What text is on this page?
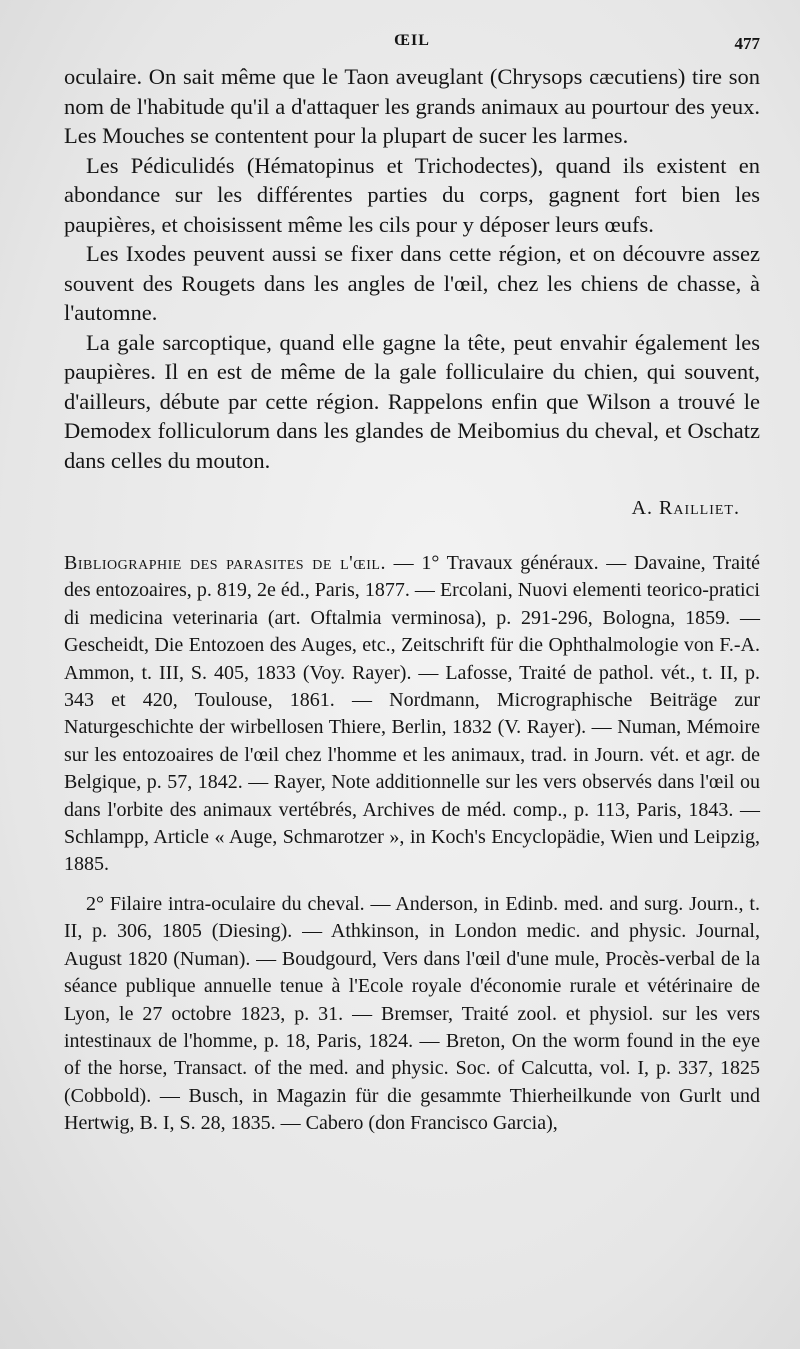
ŒIL	477

oculaire. On sait même que le Taon aveuglant (Chrysops cæcutiens) tire son nom de l'habitude qu'il a d'attaquer les grands animaux au pourtour des yeux. Les Mouches se contentent pour la plupart de sucer les larmes.

Les Pédiculidés (Hématopinus et Trichodectes), quand ils existent en abondance sur les différentes parties du corps, gagnent fort bien les paupières, et choisissent même les cils pour y déposer leurs œufs.

Les Ixodes peuvent aussi se fixer dans cette région, et on découvre assez souvent des Rougets dans les angles de l'œil, chez les chiens de chasse, à l'automne.

La gale sarcoptique, quand elle gagne la tête, peut envahir également les paupières. Il en est de même de la gale folliculaire du chien, qui souvent, d'ailleurs, débute par cette région. Rappelons enfin que Wilson a trouvé le Demodex folliculorum dans les glandes de Meibomius du cheval, et Oschatz dans celles du mouton.

A. Railliet.

Bibliographie des parasites de l'œil. — 1° Travaux généraux. — Davaine, Traité des entozoaires, p. 819, 2e éd., Paris, 1877. — Ercolani, Nuovi elementi teorico-pratici di medicina veterinaria (art. Oftalmia verminosa), p. 291-296, Bologna, 1859. — Gescheidt, Die Entozoen des Auges, etc., Zeitschrift für die Ophthalmologie von F.-A. Ammon, t. III, S. 405, 1833 (Voy. Rayer). — Lafosse, Traité de pathol. vét., t. II, p. 343 et 420, Toulouse, 1861. — Nordmann, Micrographische Beiträge zur Naturgeschichte der wirbellosen Thiere, Berlin, 1832 (V. Rayer). — Numan, Mémoire sur les entozoaires de l'œil chez l'homme et les animaux, trad. in Journ. vét. et agr. de Belgique, p. 57, 1842. — Rayer, Note additionnelle sur les vers observés dans l'œil ou dans l'orbite des animaux vertébrés, Archives de méd. comp., p. 113, Paris, 1843. — Schlampp, Article « Auge, Schmarotzer », in Koch's Encyclopädie, Wien und Leipzig, 1885.

2° Filaire intra-oculaire du cheval. — Anderson, in Edinb. med. and surg. Journ., t. II, p. 306, 1805 (Diesing). — Athkinson, in London medic. and physic. Journal, August 1820 (Numan). — Boudgourd, Vers dans l'œil d'une mule, Procès-verbal de la séance publique annuelle tenue à l'Ecole royale d'économie rurale et vétérinaire de Lyon, le 27 octobre 1823, p. 31. — Bremser, Traité zool. et physiol. sur les vers intestinaux de l'homme, p. 18, Paris, 1824. — Breton, On the worm found in the eye of the horse, Transact. of the med. and physic. Soc. of Calcutta, vol. I, p. 337, 1825 (Cobbold). — Busch, in Magazin für die gesammte Thierheilkunde von Gurlt und Hertwig, B. I, S. 28, 1835. — Cabero (don Francisco Garcia),
